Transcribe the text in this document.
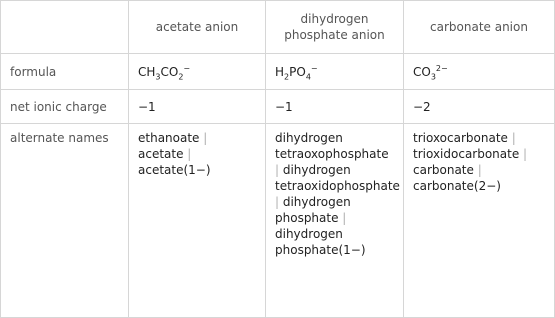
	acetate anion	dihydrogen phosphate anion	carbonate anion
formula	$CH_3CO_2^-$	$H_2PO_4^-$	$CO_3^{2-}$
net ionic charge	−1	−1	−2
alternate names	ethanoate | acetate | acetate(1−)	dihydrogen tetraoxophosphate | dihydrogen tetraoxidophosphate | dihydrogen phosphate | dihydrogen phosphate(1−)	trioxocarbonate | trioxidocarbonate | carbonate | carbonate(2−)
